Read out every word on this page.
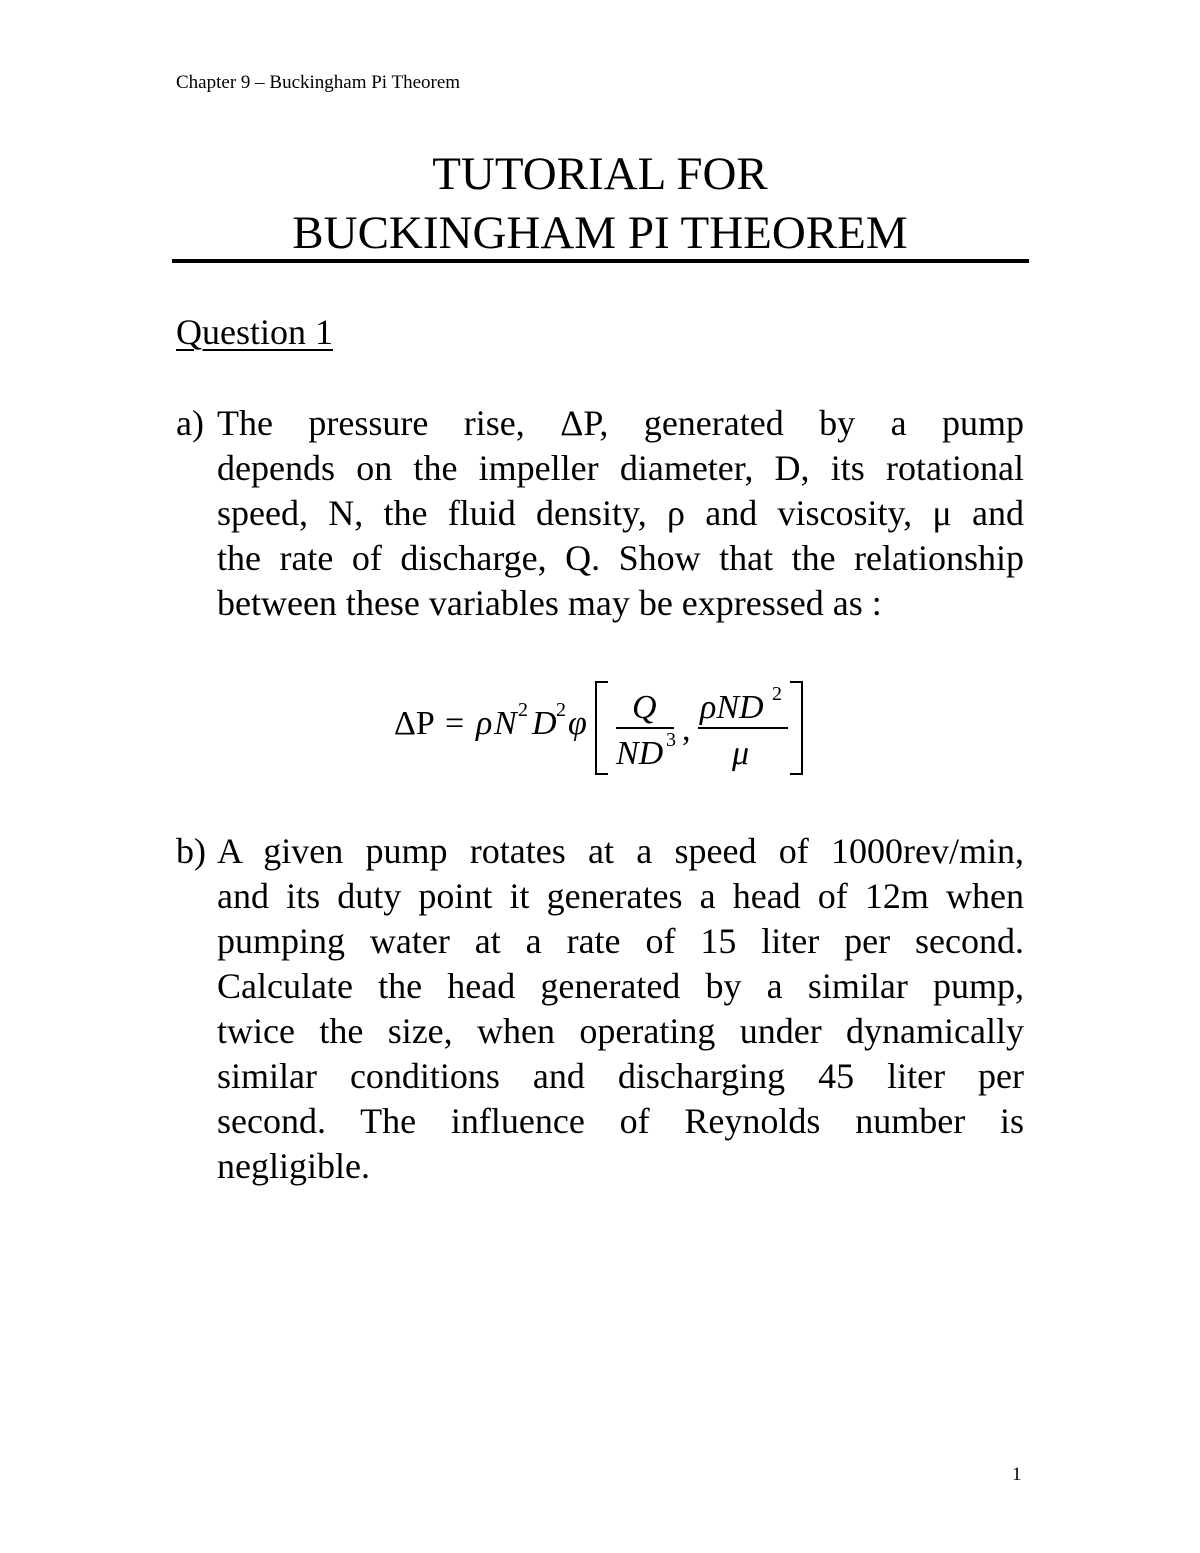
Chapter 9 – Buckingham Pi Theorem
TUTORIAL FOR
BUCKINGHAM PI THEOREM
Question 1
a) The pressure rise, ΔP, generated by a pump
depends on the impeller diameter, D, its rotational
speed, N, the fluid density, ρ and viscosity, μ and
the rate of discharge, Q. Show that the relationship
between these variables may be expressed as :
ΔP = ρ N 2 D 2 φ Q
ND 3 ,
ρND 2
μ
b) A given pump rotates at a speed of 1000rev/min,
and its duty point it generates a head of 12m when
pumping water at a rate of 15 liter per second.
Calculate the head generated by a similar pump,
twice the size, when operating under dynamically
similar conditions and discharging 45 liter per
second. The influence of Reynolds number is
negligible.
1
